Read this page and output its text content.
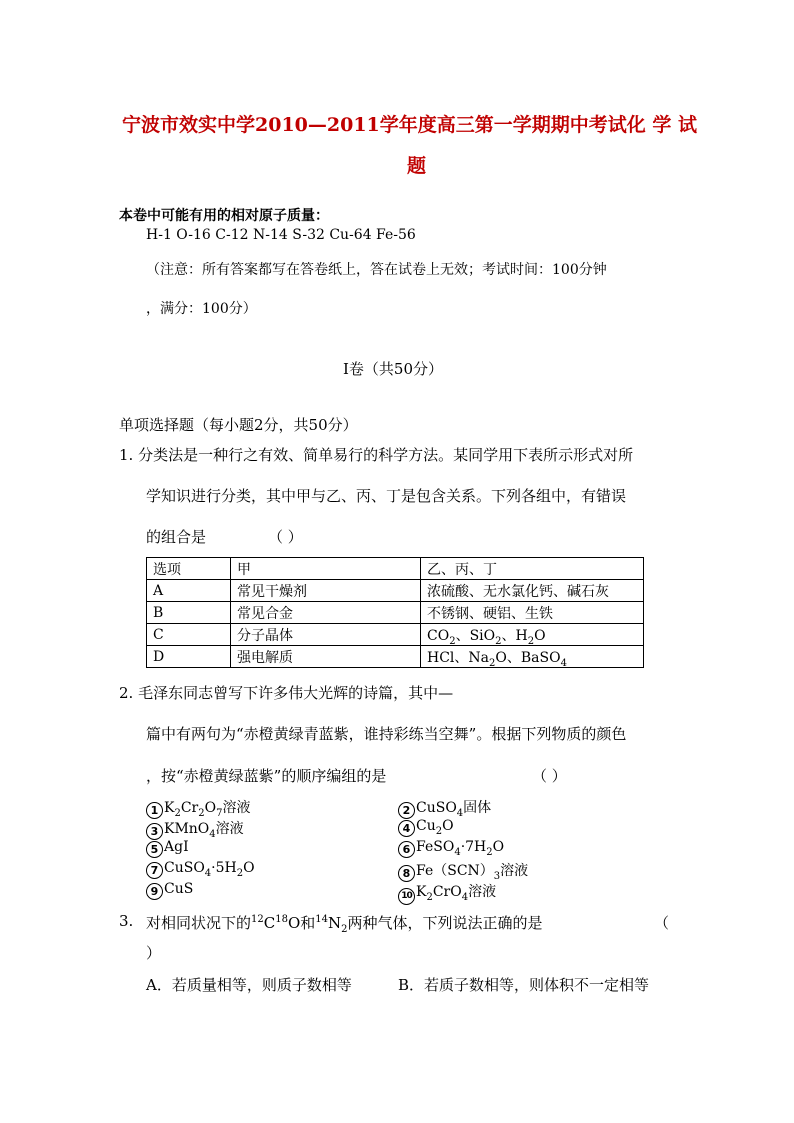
宁波市效实中学2010—2011学年度高三第一学期期中考试化 学 试
题
本卷中可能有用的相对原子质量：
H-1 O-16 C-12 N-14 S-32 Cu-64 Fe-56
（注意：所有答案都写在答卷纸上，答在试卷上无效；考试时间：100分钟
，满分：100分）
I卷（共50分）
单项选择题（每小题2分，共50分）
1. 分类法是一种行之有效、简单易行的科学方法。某同学用下表所示形式对所
学知识进行分类，其中甲与乙、丙、丁是包含关系。下列各组中，有错误
的组合是	（ ）
选项	甲	乙、丙、丁
A	常见干燥剂	浓硫酸、无水氯化钙、碱石灰
B	常见合金	不锈钢、硬铝、生铁
C	分子晶体	$CO_2$、SiO$_2$、$H_2O$
D	强电解质	HCl、$Na_2O$、BaSO$_4$
2. 毛泽东同志曾写下许多伟大光辉的诗篇，其中—
篇中有两句为“赤橙黄绿青蓝紫，谁持彩练当空舞”。根据下列物质的颜色
，按“赤橙黄绿蓝紫”的顺序编组的是	（ ）
1 $K_2Cr_2O_7$溶液	2 CuSO$_4$固体
3 KMnO$_4$溶液	4 $Cu_2O$
5 AgI	6 $FeSO_4\cdot 7H_2O$
7 $CuSO_4\cdot 5H_2O$	8 $Fe(SCN)_3$溶液
9 CuS	10 $K_2CrO_4$溶液
3. 对相同状况下的$^{12}C^{18}O$和$^{14}N_2$两种气体，下列说法正确的是	（
）
A．若质量相等，则质子数相等	B．若质子数相等，则体积不一定相等
